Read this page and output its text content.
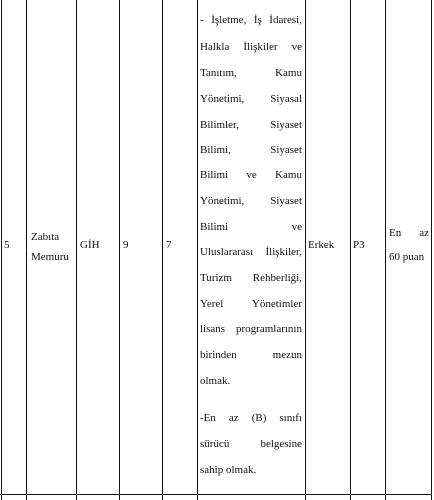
5
Zabıta
Memuru
GİH 9	7
- İşletme, İş İdaresi,
Halkla İlişkiler ve
Tanıtım, Kamu
Yönetimi, Siyasal
Bilimler, Siyaset
Bilimi, Siyaset
Bilimi ve Kamu
Yönetimi, Siyaset
Bilimi ve
Uluslararası İlişkiler,
Turizm Rehberliği,
Yerel Yönetimler
lisans programlarının
birinden mezun
olmak.
-En az (B) sınıfı
sürücü belgesine
sahip olmak.
Erkek P3
En az
60 puan
